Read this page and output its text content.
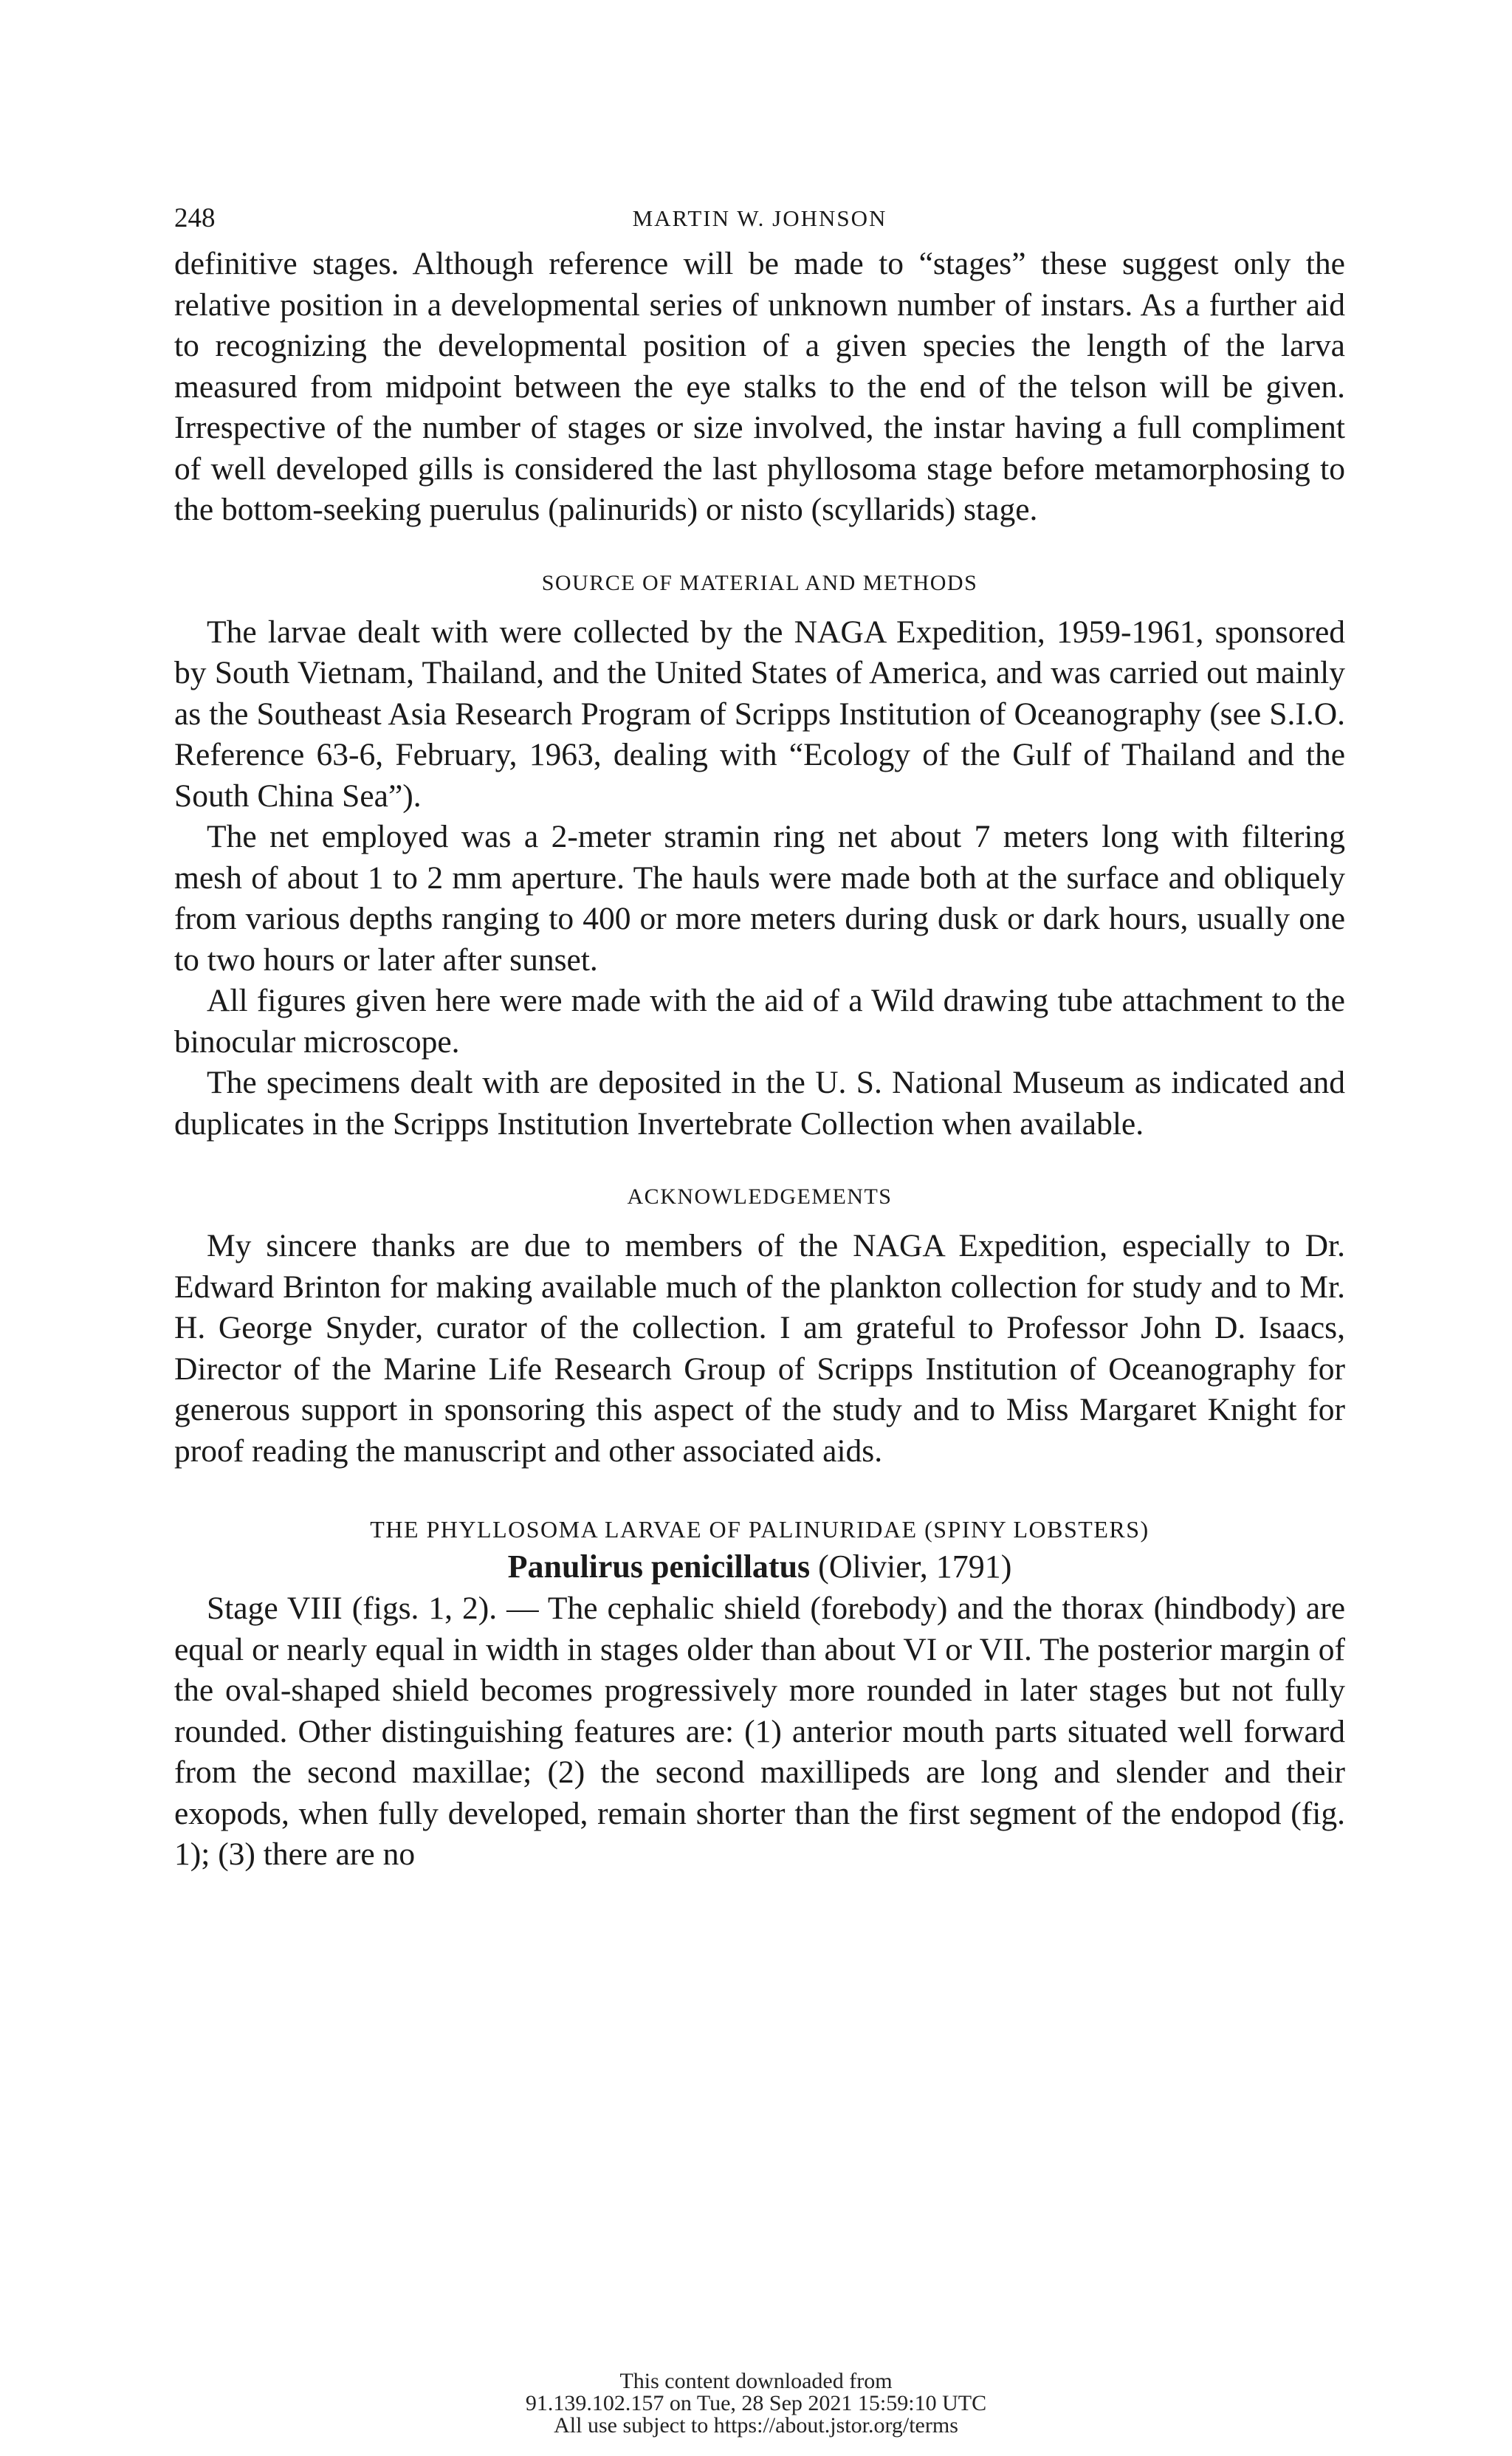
248	MARTIN W. JOHNSON

definitive stages. Although reference will be made to “stages” these suggest only the relative position in a developmental series of unknown number of instars. As a further aid to recognizing the developmental position of a given species the length of the larva measured from midpoint between the eye stalks to the end of the telson will be given. Irrespective of the number of stages or size involved, the instar having a full compliment of well developed gills is considered the last phyllosoma stage before metamorphosing to the bottom-seeking puerulus (palinurids) or nisto (scyllarids) stage.

SOURCE OF MATERIAL AND METHODS

The larvae dealt with were collected by the NAGA Expedition, 1959-1961, sponsored by South Vietnam, Thailand, and the United States of America, and was carried out mainly as the Southeast Asia Research Program of Scripps Institution of Oceanography (see S.I.O. Reference 63-6, February, 1963, dealing with “Ecology of the Gulf of Thailand and the South China Sea”).

The net employed was a 2-meter stramin ring net about 7 meters long with filtering mesh of about 1 to 2 mm aperture. The hauls were made both at the surface and obliquely from various depths ranging to 400 or more meters during dusk or dark hours, usually one to two hours or later after sunset.

All figures given here were made with the aid of a Wild drawing tube attachment to the binocular microscope.

The specimens dealt with are deposited in the U. S. National Museum as indicated and duplicates in the Scripps Institution Invertebrate Collection when available.

ACKNOWLEDGEMENTS

My sincere thanks are due to members of the NAGA Expedition, especially to Dr. Edward Brinton for making available much of the plankton collection for study and to Mr. H. George Snyder, curator of the collection. I am grateful to Professor John D. Isaacs, Director of the Marine Life Research Group of Scripps Institution of Oceanography for generous support in sponsoring this aspect of the study and to Miss Margaret Knight for proof reading the manuscript and other associated aids.

THE PHYLLOSOMA LARVAE OF PALINURIDAE (SPINY LOBSTERS)
Panulirus penicillatus (Olivier, 1791)

Stage VIII (figs. 1, 2). — The cephalic shield (forebody) and the thorax (hindbody) are equal or nearly equal in width in stages older than about VI or VII. The posterior margin of the oval-shaped shield becomes progressively more rounded in later stages but not fully rounded. Other distinguishing features are: (1) anterior mouth parts situated well forward from the second maxillae; (2) the second maxillipeds are long and slender and their exopods, when fully developed, remain shorter than the first segment of the endopod (fig. 1); (3) there are no

This content downloaded from
91.139.102.157 on Tue, 28 Sep 2021 15:59:10 UTC
All use subject to https://about.jstor.org/terms
